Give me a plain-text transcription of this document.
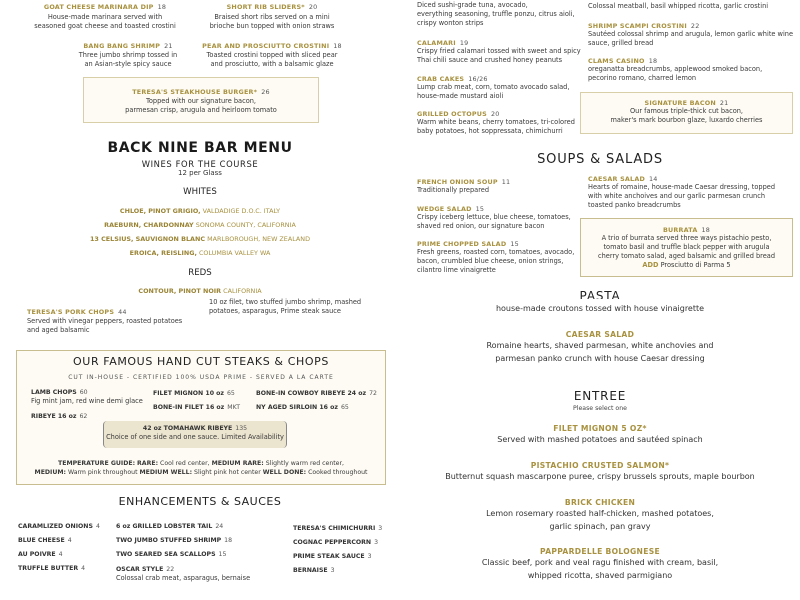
GOAT CHEESE MARINARA DIP 18
House-made marinara served with
seasoned goat cheese and toasted crostini
SHORT RIB SLIDERS* 20
Braised short ribs served on a mini
brioche bun topped with onion straws
BANG BANG SHRIMP 21
Three jumbo shrimp tossed in
an Asian-style spicy sauce
PEAR AND PROSCIUTTO CROSTINI 18
Toasted crostini topped with sliced pear
and prosciutto, with a balsamic glaze
TERESA'S STEAKHOUSE BURGER* 26
Topped with our signature bacon,
parmesan crisp, arugula and heirloom tomato
BACK NINE BAR MENU
WINES FOR THE COURSE
12 per Glass
WHITES
CHLOE, PINOT GRIGIO, VALDADIGE D.O.C. ITALY
RAEBURN, CHARDONNAY SONOMA COUNTY, CALIFORNIA
13 CELSIUS, SAUVIGNON BLANC MARLBOROUGH, NEW ZEALAND
EROICA, REISLING, COLUMBIA VALLEY WA
REDS
CONTOUR, PINOT NOIR CALIFORNIA
10 oz filet, two stuffed jumbo shrimp, mashed
potatoes, asparagus, Prime steak sauce
TERESA'S PORK CHOPS 44
Served with vinegar peppers, roasted potatoes
and aged balsamic
OUR FAMOUS HAND CUT STEAKS & CHOPS
CUT IN-HOUSE - CERTIFIED 100% USDA PRIME - SERVED A LA CARTE
LAMB CHOPS 60
Fig mint jam, red wine demi glace
RIBEYE 16 oz 62
FILET MIGNON 10 oz 65
BONE-IN FILET 16 oz MKT
BONE-IN COWBOY RIBEYE 24 oz 72
NY AGED SIRLOIN 16 oz 65
42 oz TOMAHAWK RIBEYE 135
Choice of one side and one sauce. Limited Availability
TEMPERATURE GUIDE: RARE: Cool red center, MEDIUM RARE: Slightly warm red center,
MEDIUM: Warm pink throughout MEDIUM WELL: Slight pink hot center WELL DONE: Cooked throughout
ENHANCEMENTS & SAUCES
CARAMLIZED ONIONS 4
BLUE CHEESE 4
AU POIVRE 4
TRUFFLE BUTTER 4
6 oz GRILLED LOBSTER TAIL 24
TWO JUMBO STUFFED SHRIMP 18
TWO SEARED SEA SCALLOPS 15
OSCAR STYLE 22
Colossal crab meat, asparagus, bernaise
TERESA'S CHIMICHURRI 3
COGNAC PEPPERCORN 3
PRIME STEAK SAUCE 3
BERNAISE 3
Diced sushi-grade tuna, avocado,
everything seasoning, truffle ponzu, citrus aioli,
crispy wonton strips
Colossal meatball, basil whipped ricotta, garlic crostini
CALAMARI 19
Crispy fried calamari tossed with sweet and spicy
Thai chili sauce and crushed honey peanuts
CRAB CAKES 16/26
Lump crab meat, corn, tomato avocado salad,
house-made mustard aioli
GRILLED OCTOPUS 20
Warm white beans, cherry tomatoes, tri-colored
baby potatoes, hot soppressata, chimichurri
SHRIMP SCAMPI CROSTINI 22
Sautéed colossal shrimp and arugula, lemon garlic white wine
sauce, grilled bread
CLAMS CASINO 18
oreganatta breadcrumbs, applewood smoked bacon,
pecorino romano, charred lemon
SIGNATURE BACON 21
Our famous triple-thick cut bacon,
maker's mark bourbon glaze, luxardo cherries
SOUPS & SALADS
FRENCH ONION SOUP 11
Traditionally prepared
WEDGE SALAD 15
Crispy iceberg lettuce, blue cheese, tomatoes,
shaved red onion, our signature bacon
PRIME CHOPPED SALAD 15
Fresh greens, roasted corn, tomatoes, avocado,
bacon, crumbled blue cheese, onion strings,
cilantro lime vinaigrette
CAESAR SALAD 14
Hearts of romaine, house-made Caesar dressing, topped
with white anchoives and our garlic parmesan crunch
toasted panko breadcrumbs
BURRATA 18
A trio of burrata served three ways pistachio pesto,
tomato basil and truffle black pepper with arugula
cherry tomato salad, aged balsamic and grilled bread
ADD Prosciutto di Parma 5
PASTA
house-made croutons tossed with house vinaigrette
CAESAR SALAD
Romaine hearts, shaved parmesan, white anchovies and
parmesan panko crunch with house Caesar dressing
ENTREE
Please select one
FILET MIGNON 5 OZ*
Served with mashed potatoes and sautéed spinach
PISTACHIO CRUSTED SALMON*
Butternut squash mascarpone puree, crispy brussels sprouts, maple bourbon
BRICK CHICKEN
Lemon rosemary roasted half-chicken, mashed potatoes,
garlic spinach, pan gravy
PAPPARDELLE BOLOGNESE
Classic beef, pork and veal ragu finished with cream, basil,
whipped ricotta, shaved parmigiano
